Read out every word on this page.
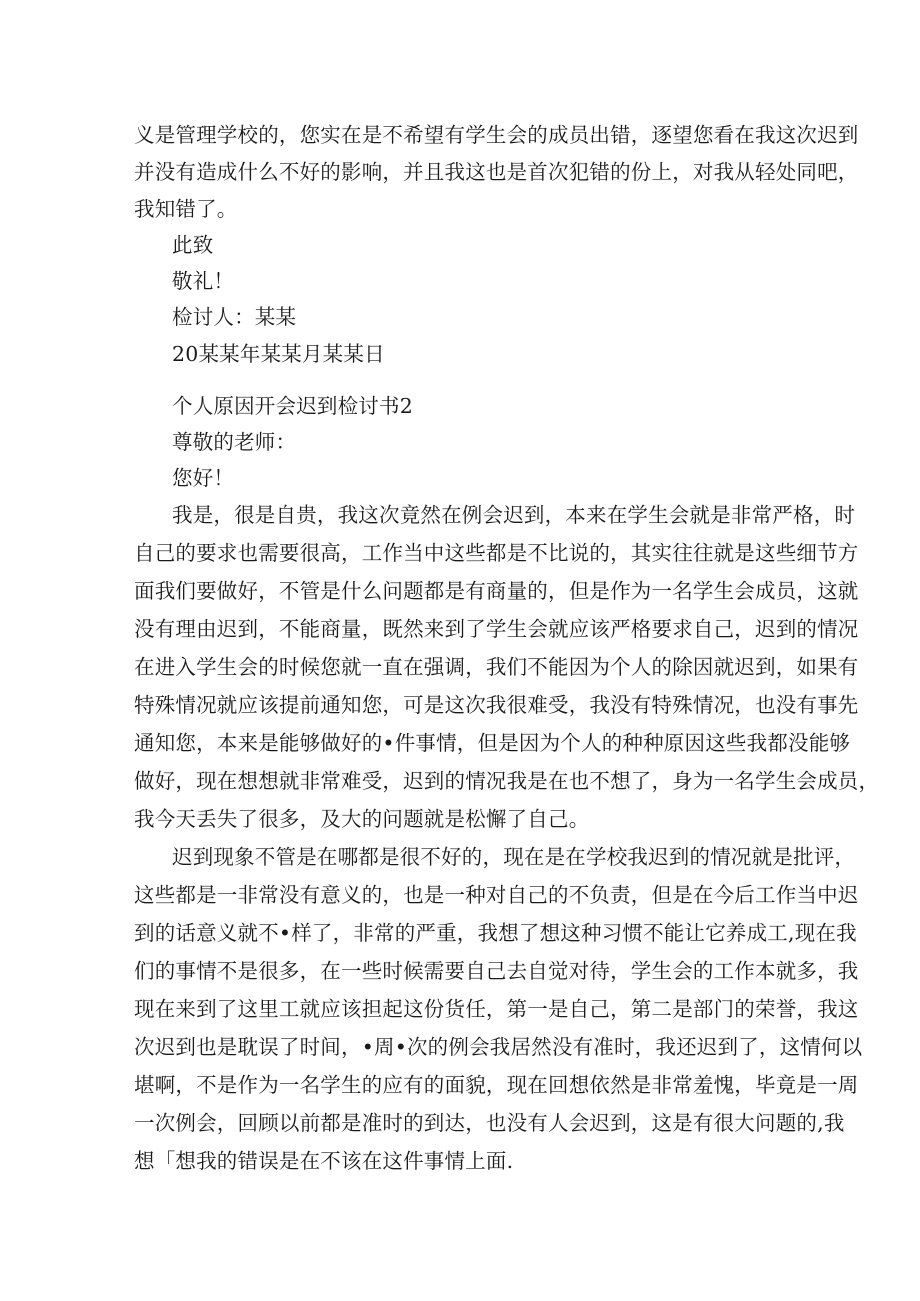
义是管理学校的，您实在是不希望有学生会的成员出错，逐望您看在我这次迟到
并没有造成什么不好的影响，并且我这也是首次犯错的份上，对我从轻处同吧，
我知错了。
此致
敬礼！
检讨人：某某
20某某年某某月某某日
个人原因开会迟到检讨书2
尊敬的老师：
您好！
我是，很是自贵，我这次竟然在例会迟到，本来在学生会就是非常严格，时
自己的要求也需要很高，工作当中这些都是不比说的，其实往往就是这些细节方
面我们要做好，不管是什么问题都是有商量的，但是作为一名学生会成员，这就
没有理由迟到，不能商量，既然来到了学生会就应该严格要求自己，迟到的情况
在进入学生会的时候您就一直在强调，我们不能因为个人的除因就迟到，如果有
特殊情况就应该提前通知您，可是这次我很难受，我没有特殊情况，也没有事先
通知您，本来是能够做好的•件事情，但是因为个人的种种原因这些我都没能够
做好，现在想想就非常难受，迟到的情况我是在也不想了，身为一名学生会成员，
我今天丢失了很多，及大的问题就是松懈了自己。
迟到现象不管是在哪都是很不好的，现在是在学校我迟到的情况就是批评，
这些都是一非常没有意义的，也是一种对自己的不负责，但是在今后工作当中迟
到的话意义就不•样了，非常的严重，我想了想这种习惯不能让它养成工,现在我
们的事情不是很多，在一些时候需要自己去自觉对待，学生会的工作本就多，我
现在来到了这里工就应该担起这份货任，第一是自己，第二是部门的荣誉，我这
次迟到也是耽误了时间，•周•次的例会我居然没有准时，我还迟到了，这情何以
堪啊，不是作为一名学生的应有的面貌，现在回想依然是非常羞愧，毕竟是一周
一次例会，回顾以前都是准时的到达，也没有人会迟到，这是有很大问题的,我
想「想我的错误是在不该在这件事情上面.
